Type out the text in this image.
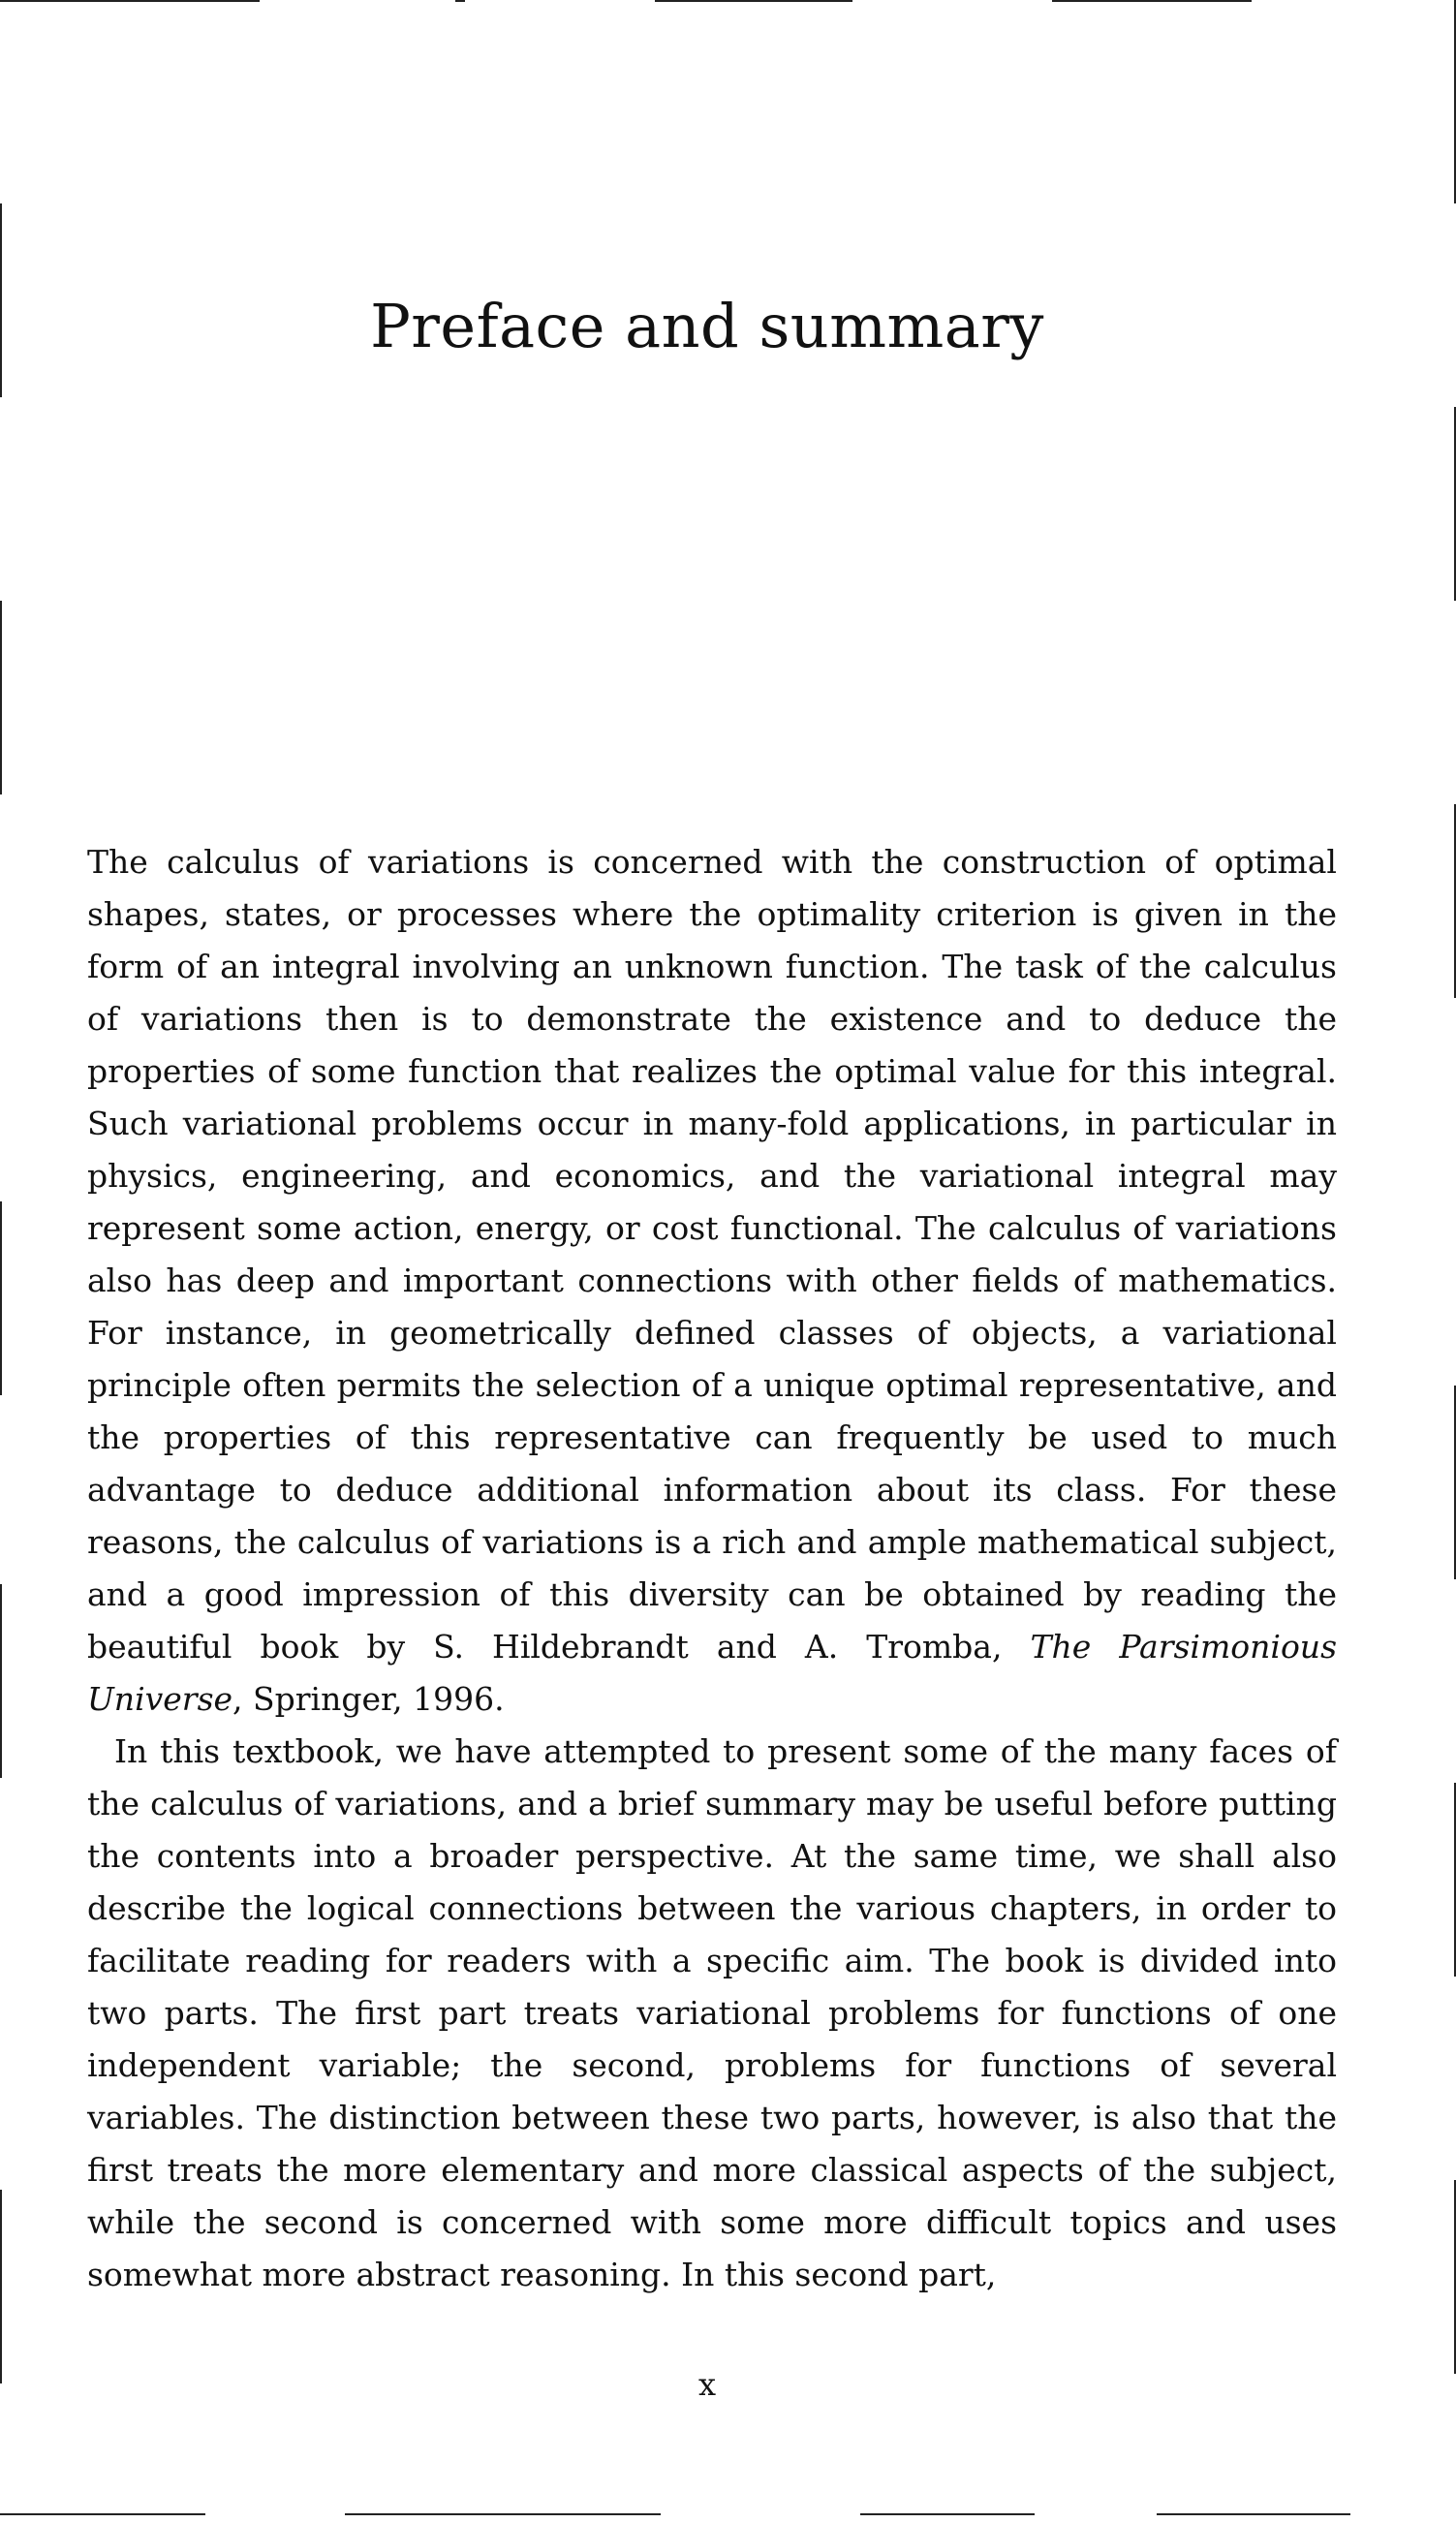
Preface and summary

The calculus of variations is concerned with the construction of optimal shapes, states, or processes where the optimality criterion is given in the form of an integral involving an unknown function. The task of the calculus of variations then is to demonstrate the existence and to deduce the properties of some function that realizes the optimal value for this integral. Such variational problems occur in many-fold applications, in particular in physics, engineering, and economics, and the variational integral may represent some action, energy, or cost functional. The calculus of variations also has deep and important connections with other fields of mathematics. For instance, in geometrically defined classes of objects, a variational principle often permits the selection of a unique optimal representative, and the properties of this representative can frequently be used to much advantage to deduce additional information about its class. For these reasons, the calculus of variations is a rich and ample mathematical subject, and a good impression of this diversity can be obtained by reading the beautiful book by S. Hildebrandt and A. Tromba, The Parsimonious Universe, Springer, 1996.

In this textbook, we have attempted to present some of the many faces of the calculus of variations, and a brief summary may be useful before putting the contents into a broader perspective. At the same time, we shall also describe the logical connections between the various chapters, in order to facilitate reading for readers with a specific aim. The book is divided into two parts. The first part treats variational problems for functions of one independent variable; the second, problems for functions of several variables. The distinction between these two parts, however, is also that the first treats the more elementary and more classical aspects of the subject, while the second is concerned with some more difficult topics and uses somewhat more abstract reasoning. In this second part,

x
